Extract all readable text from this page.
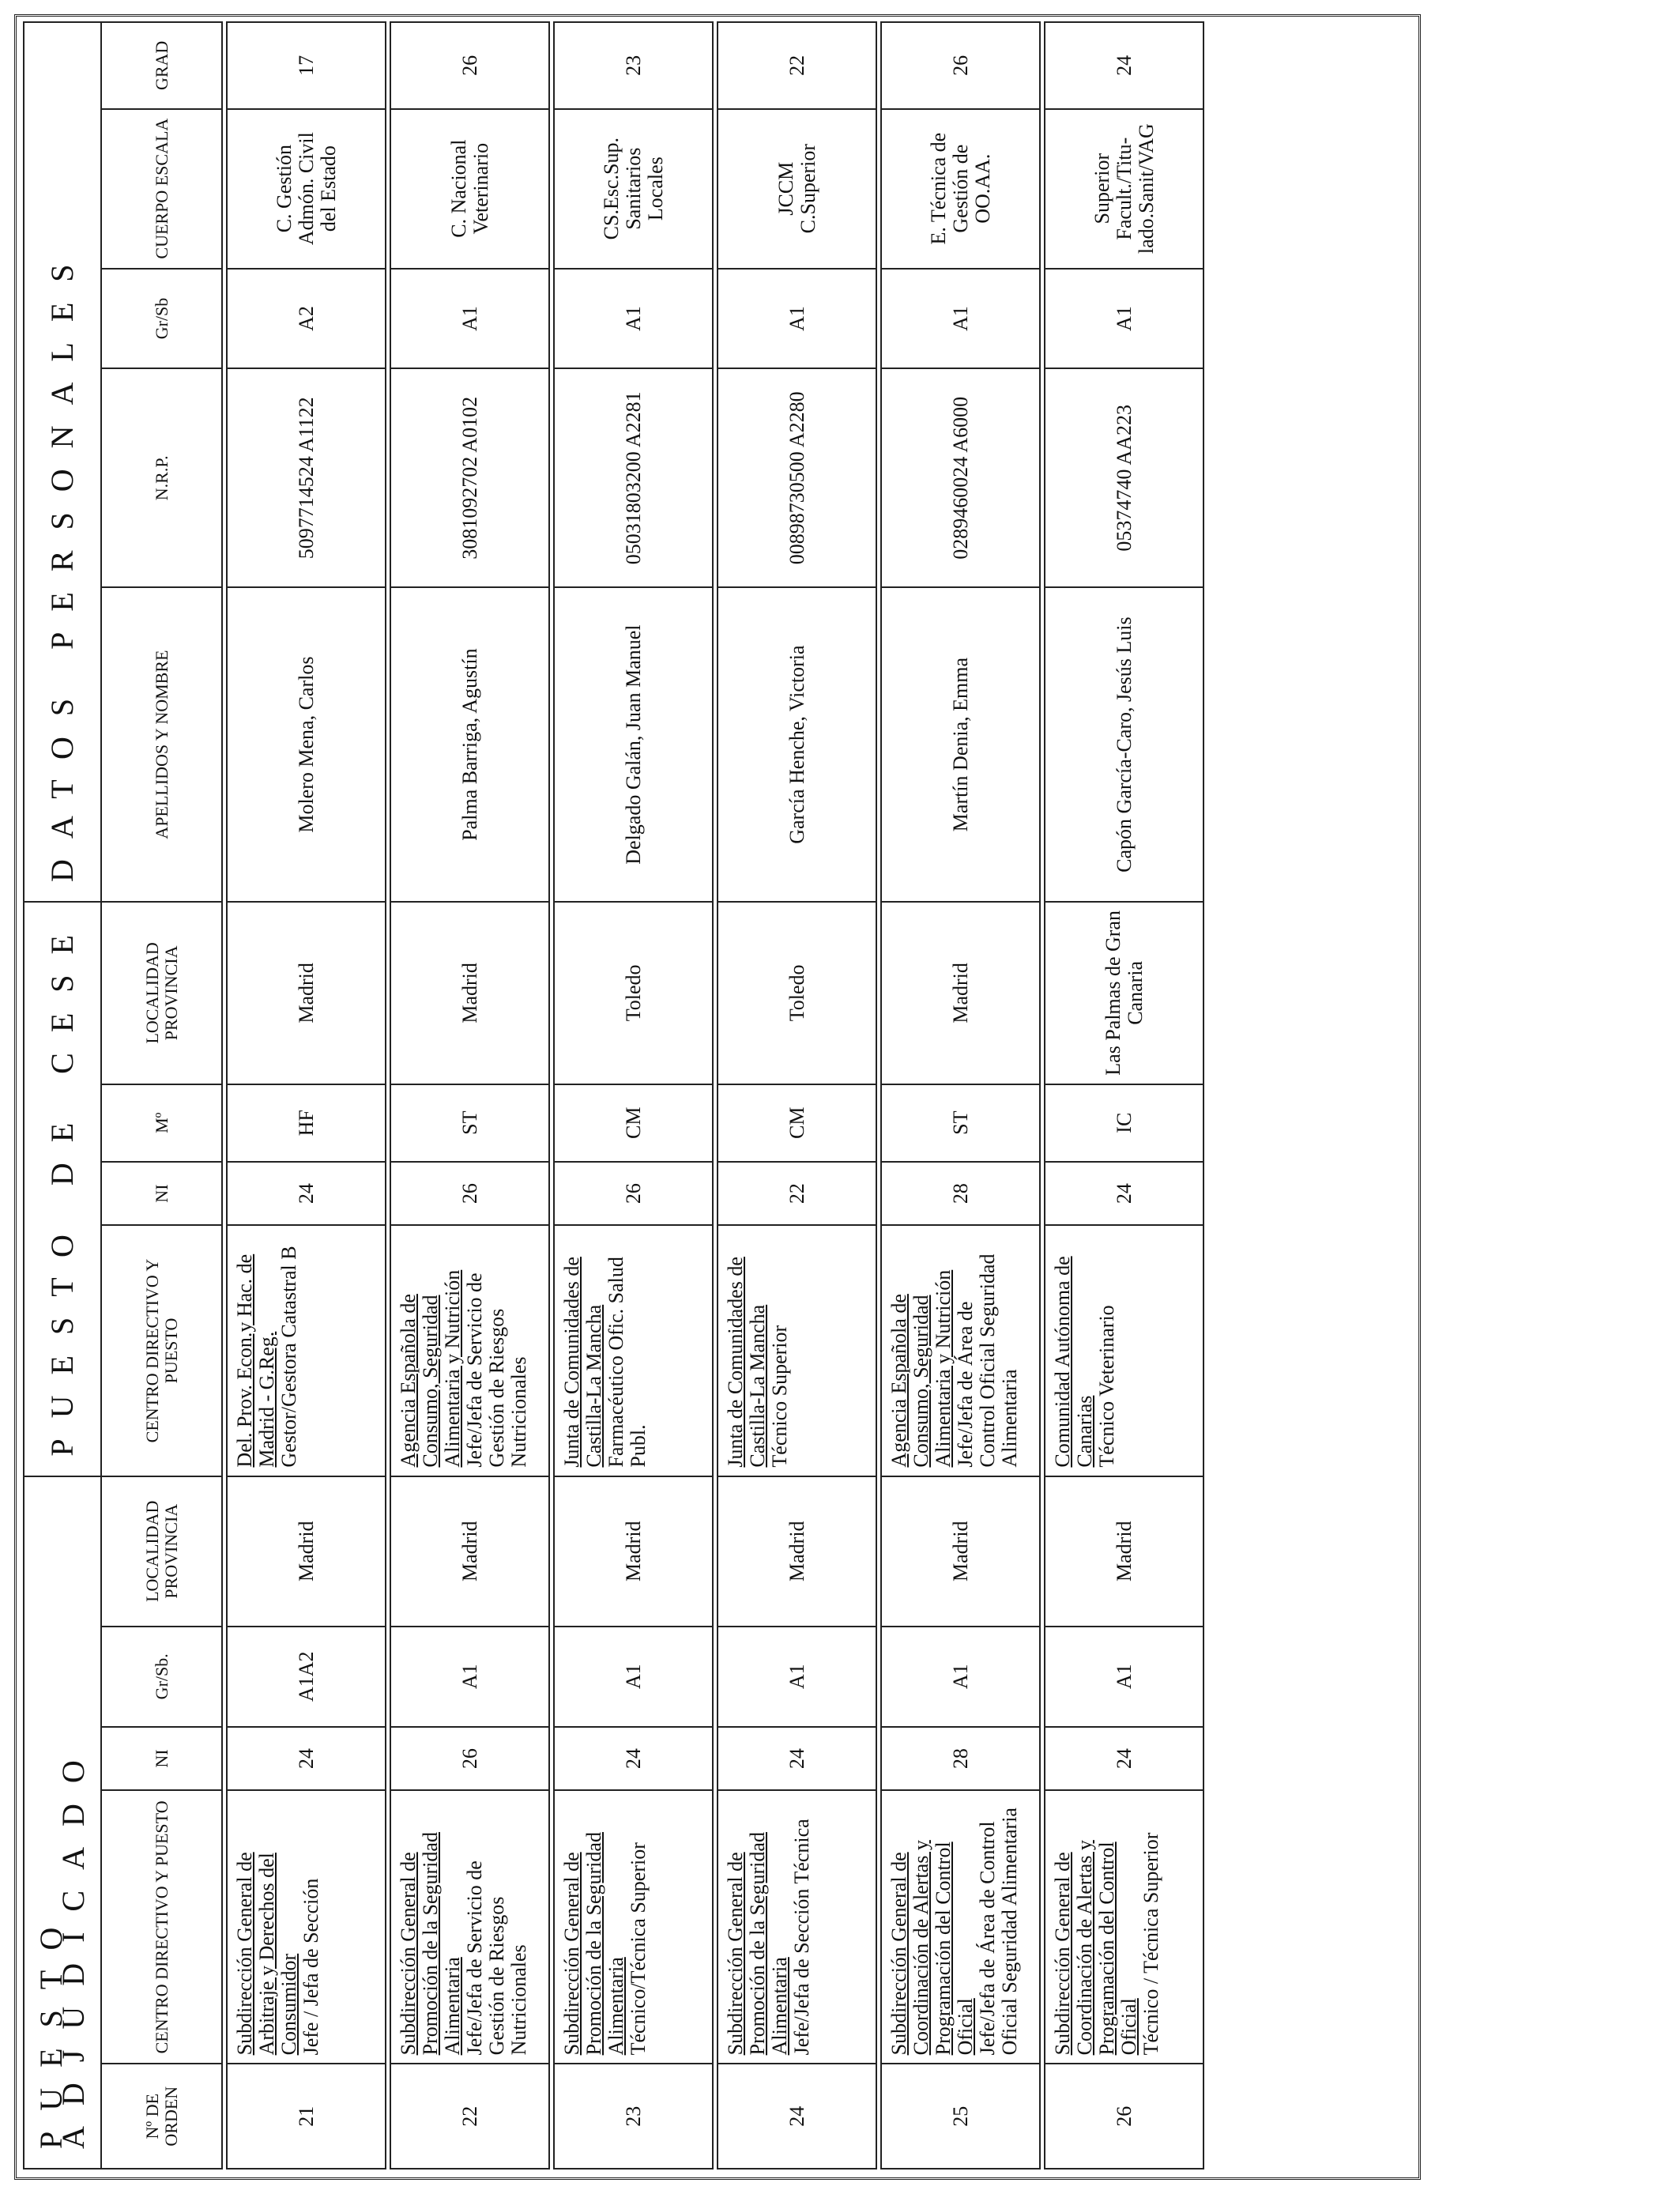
PUESTO ADJUDICADO					PUESTO DE CESE				DATOS PERSONALES				
Nº DE ORDEN	CENTRO DIRECTIVO Y PUESTO	NI	Gr/Sb.	LOCALIDAD PROVINCIA	CENTRO DIRECTIVO Y PUESTO	NI	Mº	LOCALIDAD PROVINCIA	APELLIDOS Y NOMBRE	N.R.P.	Gr/Sb	CUERPO ESCALA	GRAD

21	Subdirección General de Arbitraje y Derechos del Consumidor Jefe / Jefa de Sección	24	A1A2	Madrid	Del. Prov. Econ.y Hac. de Madrid - G.Reg. Gestor/Gestora Catastral B	24	HF	Madrid	Molero Mena, Carlos	5097714524 A1122	A2	C. Gestión Admón. Civil del Estado	17

22	Subdirección General de Promoción de la Seguridad Alimentaria Jefe/Jefa de Servicio de Gestión de Riesgos Nutricionales	26	A1	Madrid	Agencia Española de Consumo, Seguridad Alimentaria y Nutrición Jefe/Jefa de Servicio de Gestión de Riesgos Nutricionales	26	ST	Madrid	Palma Barriga, Agustín	3081092702 A0102	A1	C. Nacional Veterinario	26

23	Subdirección General de Promoción de la Seguridad Alimentaria Técnico/Técnica Superior	24	A1	Madrid	Junta de Comunidades de Castilla-La Mancha Farmacéutico Ofic. Salud Publ.	26	CM	Toledo	Delgado Galán, Juan Manuel	05031803200 A2281	A1	CS.Esc.Sup. Sanitarios Locales	23

24	Subdirección General de Promoción de la Seguridad Alimentaria Jefe/Jefa de Sección Técnica	24	A1	Madrid	Junta de Comunidades de Castilla-La Mancha Técnico Superior	22	CM	Toledo	García Henche, Victoria	00898730500 A2280	A1	JCCM C.Superior	22

25	Subdirección General de Coordinación de Alertas y Programación del Control Oficial Jefe/Jefa de Área de Control Oficial Seguridad Alimentaria	28	A1	Madrid	Agencia Española de Consumo, Seguridad Alimentaria y Nutrición Jefe/Jefa de Área de Control Oficial Seguridad Alimentaria	28	ST	Madrid	Martín Denia, Emma	0289460024 A6000	A1	E. Técnica de Gestión de OO.AA.	26

26	Subdirección General de Coordinación de Alertas y Programación del Control Oficial Técnico / Técnica Superior	24	A1	Madrid	Comunidad Autónoma de Canarias Técnico Veterinario	24	IC	Las Palmas de Gran Canaria	Capón García-Caro, Jesús Luis	05374740 AA223	A1	Superior Facult./Titu-lado.Sanit/VAG	24
